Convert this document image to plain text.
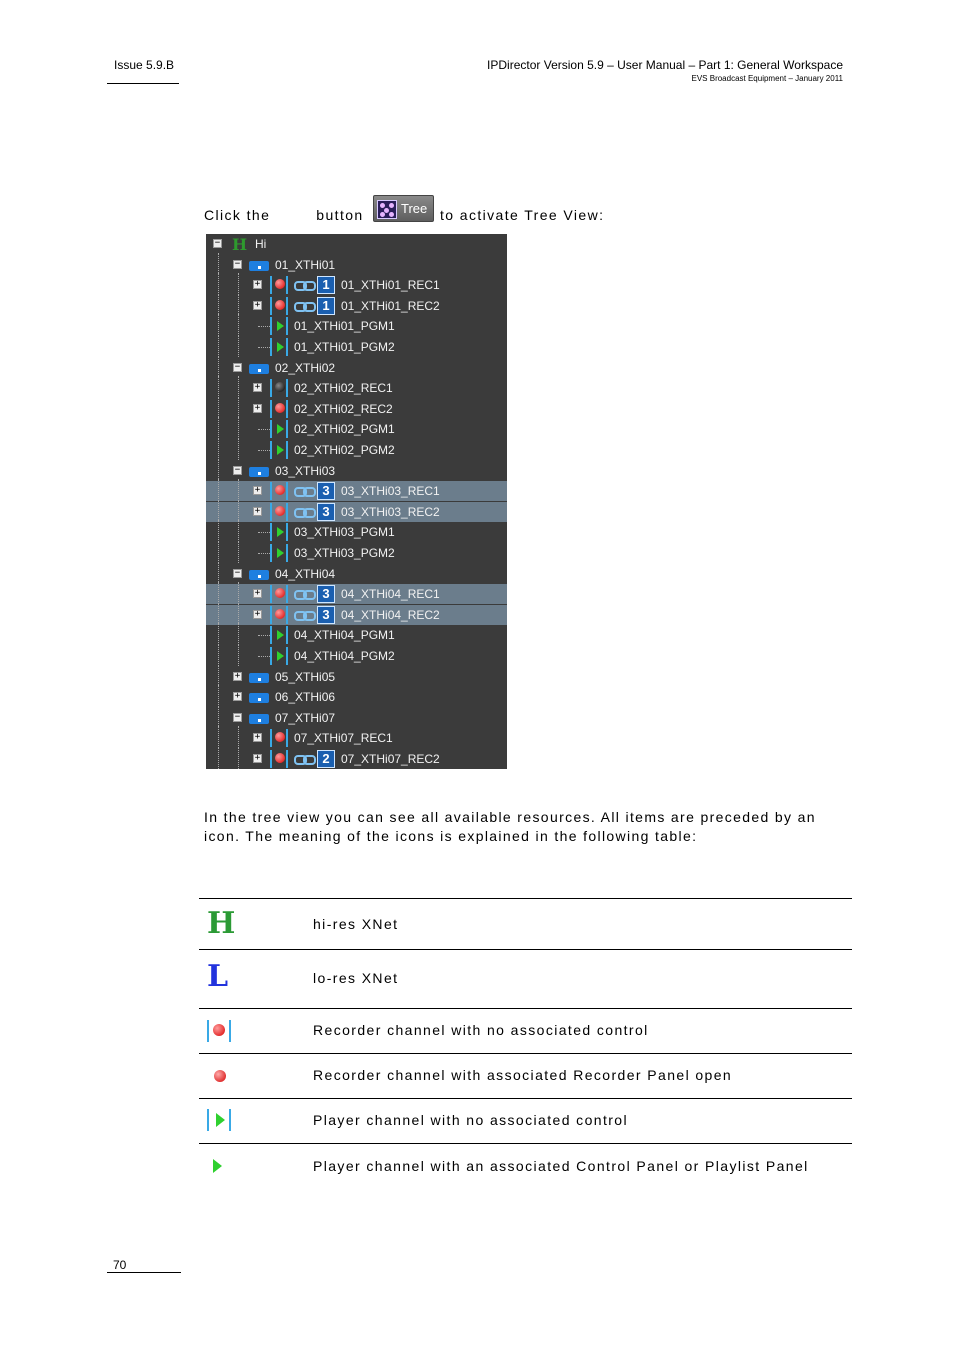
Issue 5.9.B	IPDirector Version 5.9 – User Manual – Part 1: General Workspace
EVS Broadcast Equipment – January 2011
Click the	button	Tree to activate Tree View:
− H Hi
−	01_XTHi01
+	1 01_XTHi01_REC1
+	1 01_XTHi01_REC2
01_XTHi01_PGM1
01_XTHi01_PGM2
−	02_XTHi02
+	02_XTHi02_REC1
+	02_XTHi02_REC2
02_XTHi02_PGM1
02_XTHi02_PGM2
−	03_XTHi03
+	3 03_XTHi03_REC1
+	3 03_XTHi03_REC2
03_XTHi03_PGM1
03_XTHi03_PGM2
−	04_XTHi04
+	3 04_XTHi04_REC1
+	3 04_XTHi04_REC2
04_XTHi04_PGM1
04_XTHi04_PGM2
+	05_XTHi05
+	06_XTHi06
−	07_XTHi07
+	07_XTHi07_REC1
+	2 07_XTHi07_REC2
In the tree view you can see all available resources. All items are preceded by an icon. The meaning of the icons is explained in the following table:
H	hi-res XNet
L	lo-res XNet
Recorder channel with no associated control
Recorder channel with associated Recorder Panel open
Player channel with no associated control
Player channel with an associated Control Panel or Playlist Panel
70
